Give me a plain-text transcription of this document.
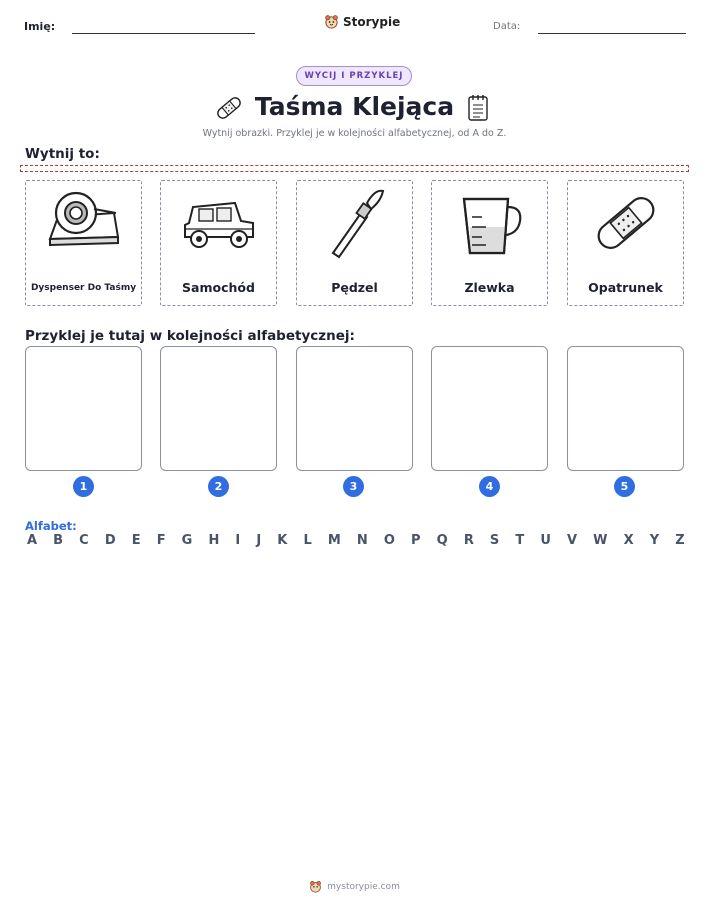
Imię:	Storypie	Data:
WYCIJ I PRZYKLEJ
Taśma Klejąca
Wytnij obrazki. Przyklej je w kolejności alfabetycznej, od A do Z.
Wytnij to:
Dyspenser Do Taśmy	Samochód	Pędzel	Zlewka	Opatrunek
Przyklej je tutaj w kolejności alfabetycznej:
1	2	3	4	5
Alfabet:
A B C D E F G H I J K L M N O P Q R S T U V W X Y Z
mystorypie.com
